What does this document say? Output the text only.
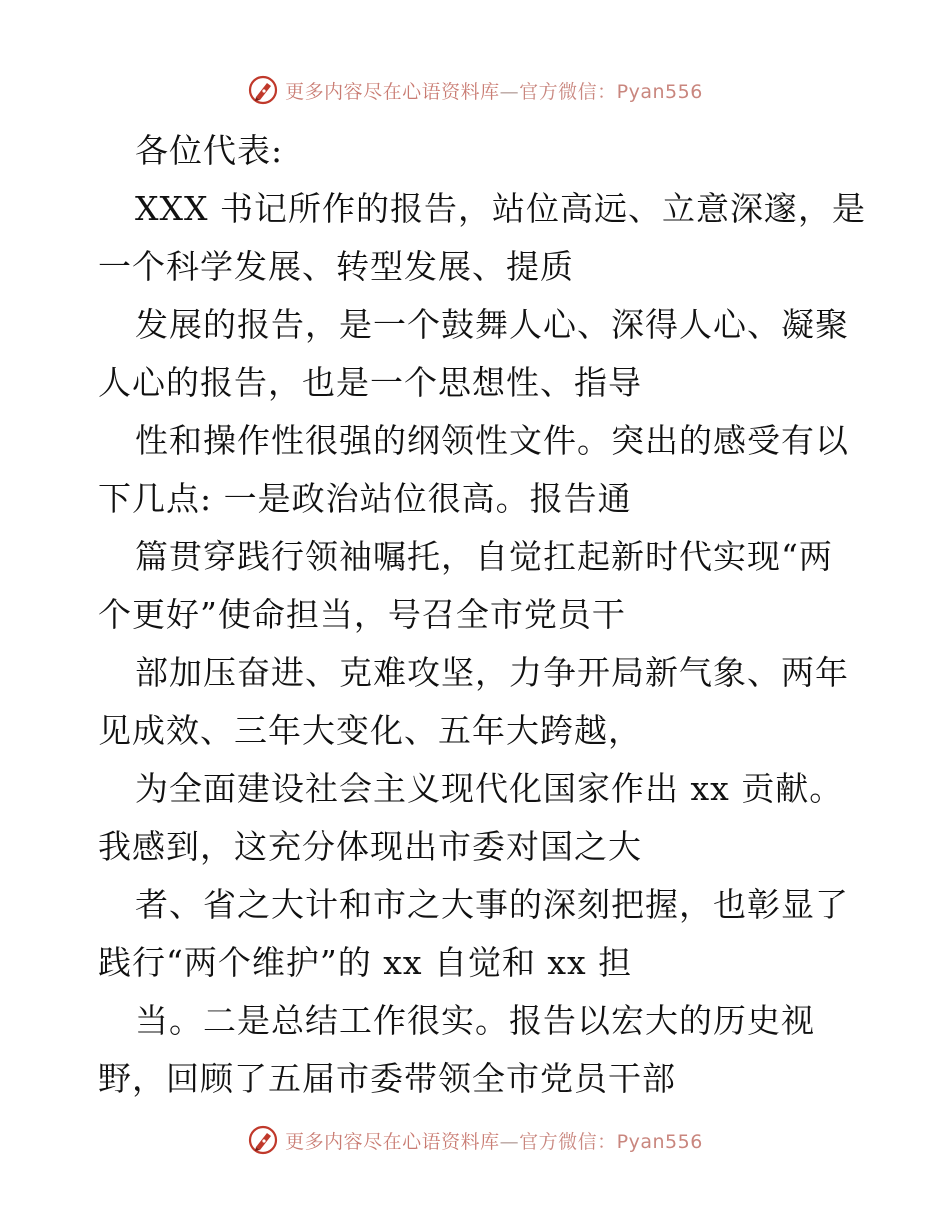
更多内容尽在心语资料库—官方微信：Pyan556
各位代表:
XXX 书记所作的报告，站位高远、立意深邃，是
一个科学发展、转型发展、提质
发展的报告，是一个鼓舞人心、深得人心、凝聚
人心的报告，也是一个思想性、指导
性和操作性很强的纲领性文件。突出的感受有以
下几点: 一是政治站位很高。报告通
篇贯穿践行领袖嘱托，自觉扛起新时代实现“两
个更好”使命担当，号召全市党员干
部加压奋进、克难攻坚，力争开局新气象、两年
见成效、三年大变化、五年大跨越，
为全面建设社会主义现代化国家作出 xx 贡献。
我感到，这充分体现出市委对国之大
者、省之大计和市之大事的深刻把握，也彰显了
践行“两个维护”的 xx 自觉和 xx 担
当。二是总结工作很实。报告以宏大的历史视
野，回顾了五届市委带领全市党员干部
更多内容尽在心语资料库—官方微信：Pyan556
